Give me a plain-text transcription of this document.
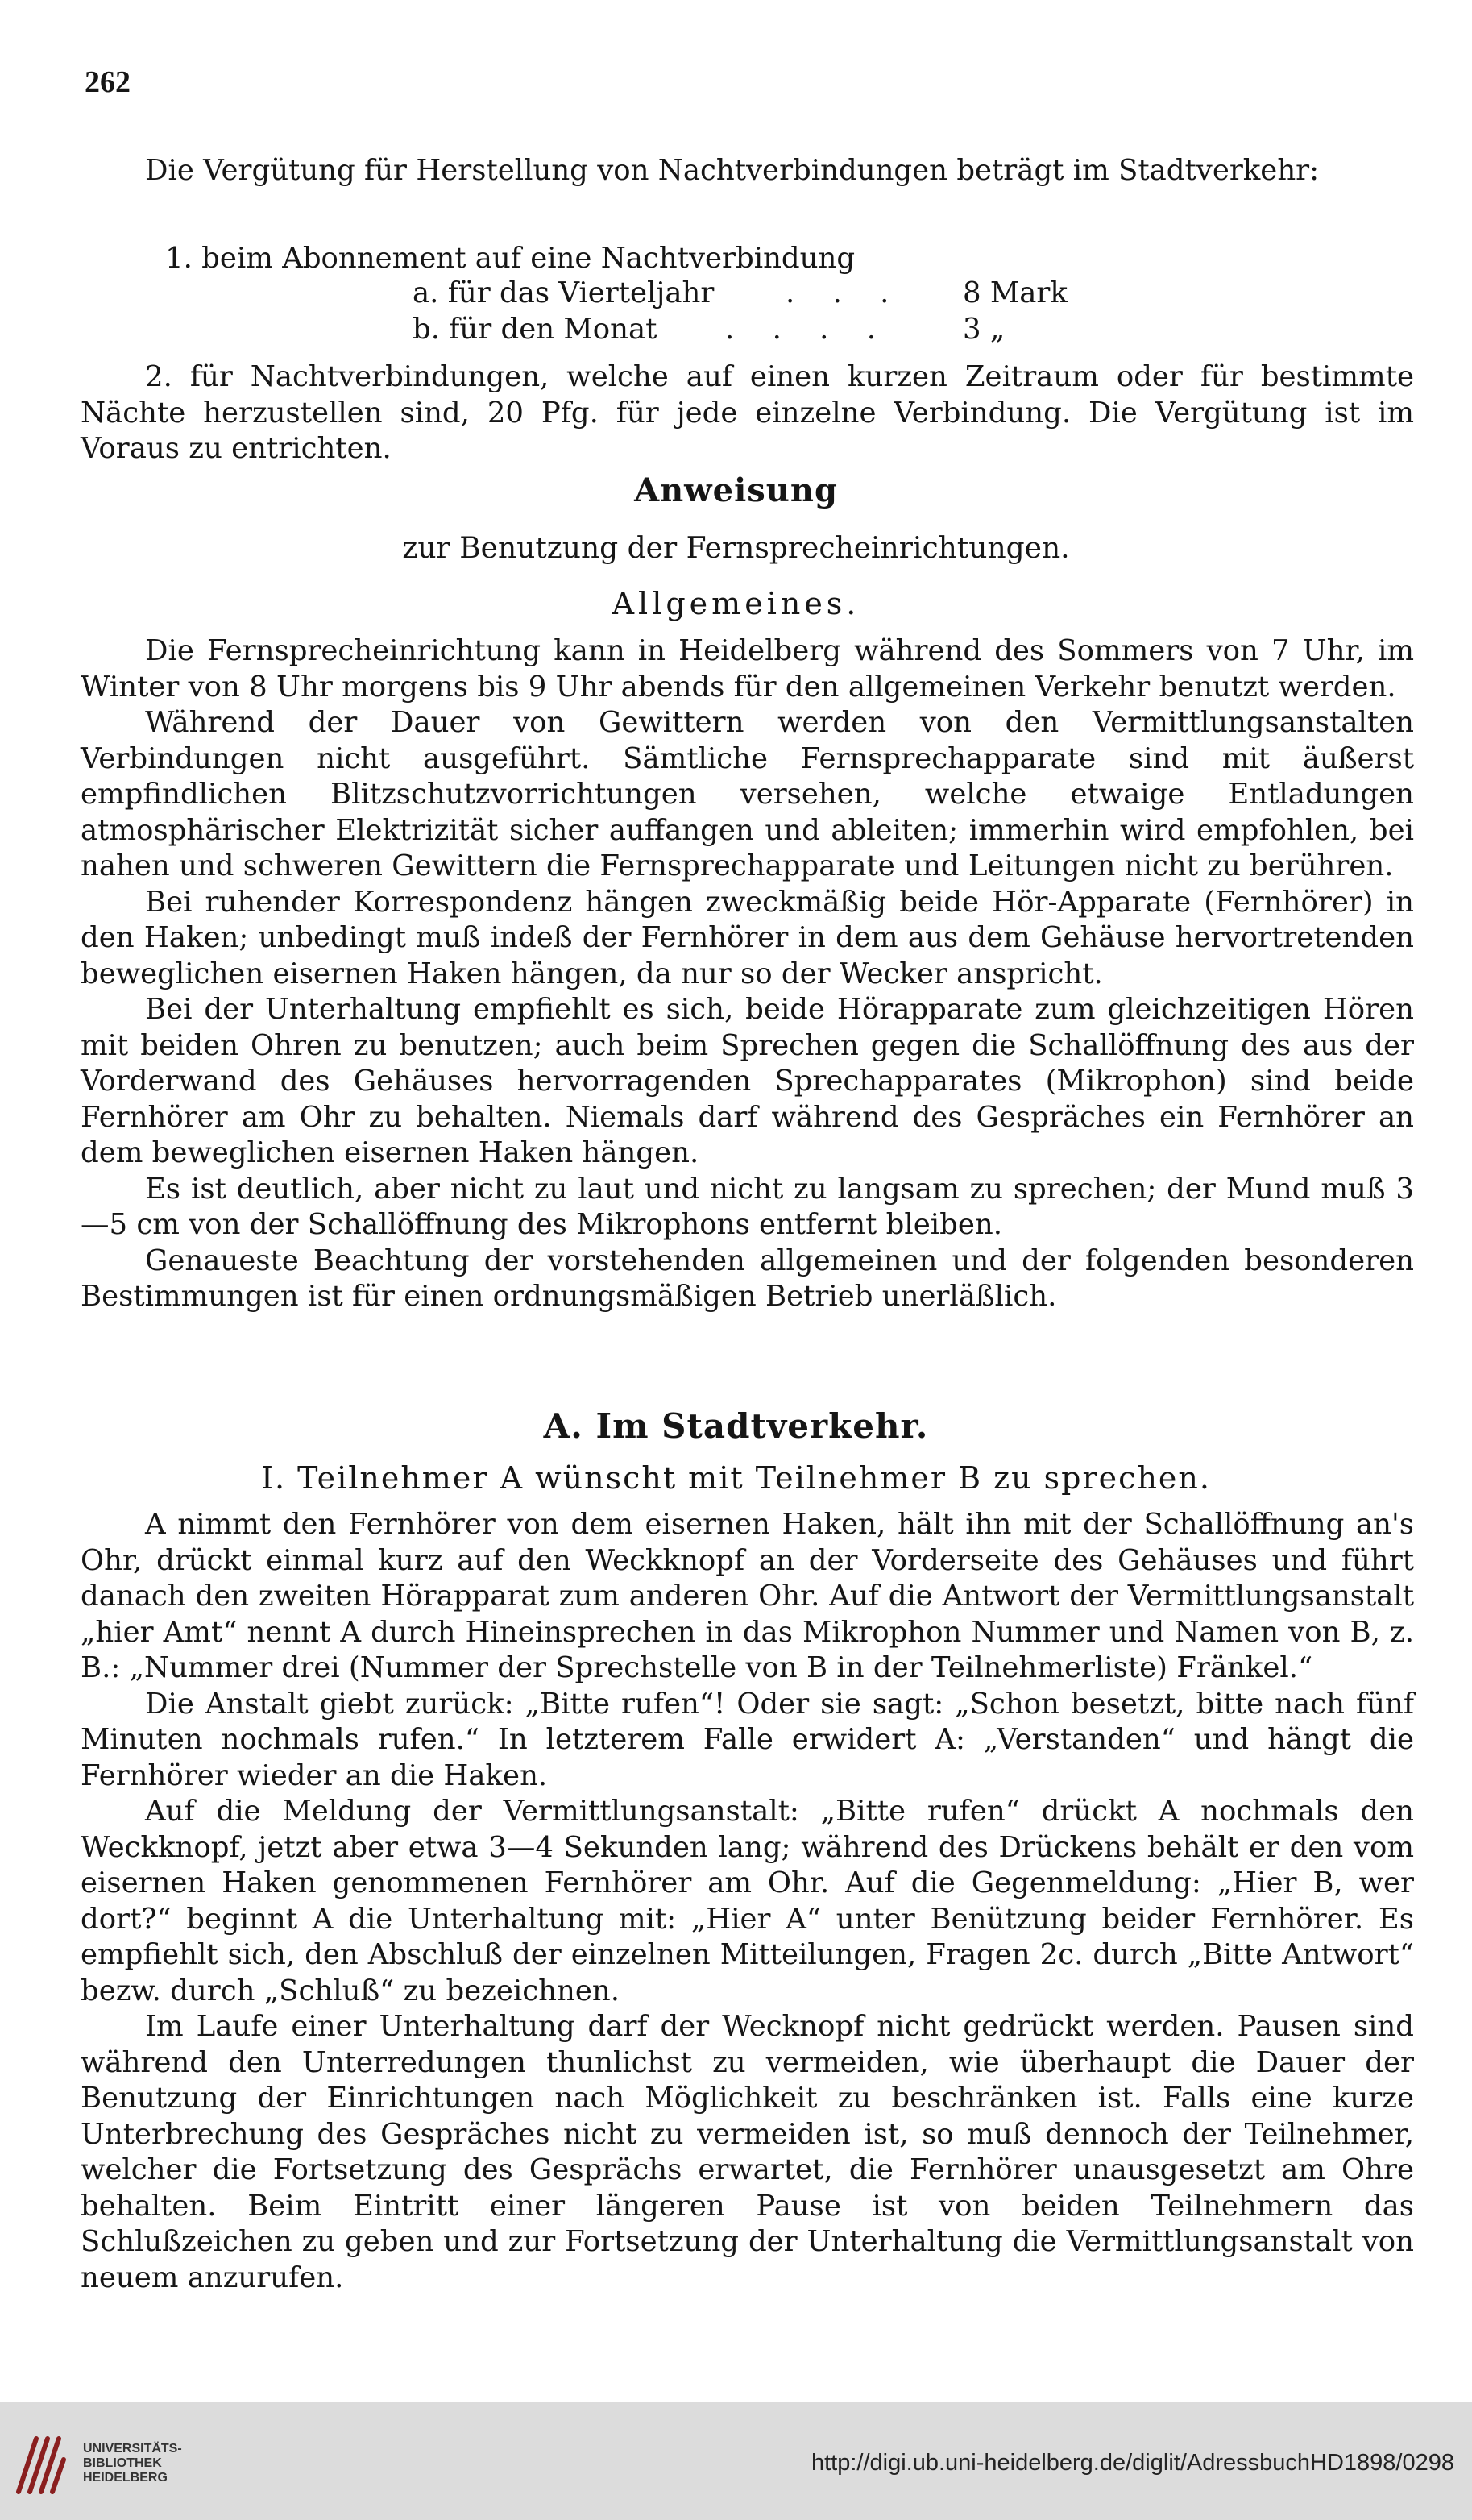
262

Die Vergütung für Herstellung von Nachtverbindungen beträgt im Stadtverkehr:

1. beim Abonnement auf eine Nachtverbindung
a. für das Vierteljahr . . . 8 Mark
b. für den Monat . . . .	3 „

2. für Nachtverbindungen, welche auf einen kurzen Zeitraum oder für bestimmte Nächte herzustellen sind, 20 Pfg. für jede einzelne Verbindung. Die Vergütung ist im Voraus zu entrichten.

Anweisung
zur Benutzung der Fernsprecheinrichtungen.
Allgemeines.

Die Fernsprecheinrichtung kann in Heidelberg während des Sommers von 7 Uhr, im Winter von 8 Uhr morgens bis 9 Uhr abends für den allgemeinen Verkehr benutzt werden.

Während der Dauer von Gewittern werden von den Vermittlungsanstalten Verbindungen nicht ausgeführt. Sämtliche Fernsprechapparate sind mit äußerst empfindlichen Blitzschutzvorrichtungen versehen, welche etwaige Entladungen atmosphärischer Elektrizität sicher auffangen und ableiten; immerhin wird empfohlen, bei nahen und schweren Gewittern die Fernsprechapparate und Leitungen nicht zu berühren.

Bei ruhender Korrespondenz hängen zweckmäßig beide Hör-Apparate (Fernhörer) in den Haken; unbedingt muß indeß der Fernhörer in dem aus dem Gehäuse hervortretenden beweglichen eisernen Haken hängen, da nur so der Wecker anspricht.

Bei der Unterhaltung empfiehlt es sich, beide Hörapparate zum gleichzeitigen Hören mit beiden Ohren zu benutzen; auch beim Sprechen gegen die Schallöffnung des aus der Vorderwand des Gehäuses hervorragenden Sprechapparates (Mikrophon) sind beide Fernhörer am Ohr zu behalten. Niemals darf während des Gespräches ein Fernhörer an dem beweglichen eisernen Haken hängen.

Es ist deutlich, aber nicht zu laut und nicht zu langsam zu sprechen; der Mund muß 3—5 cm von der Schallöffnung des Mikrophons entfernt bleiben.

Genaueste Beachtung der vorstehenden allgemeinen und der folgenden besonderen Bestimmungen ist für einen ordnungsmäßigen Betrieb unerläßlich.

A. Im Stadtverkehr.
I. Teilnehmer A wünscht mit Teilnehmer B zu sprechen.

A nimmt den Fernhörer von dem eisernen Haken, hält ihn mit der Schallöffnung an's Ohr, drückt einmal kurz auf den Weckknopf an der Vorderseite des Gehäuses und führt danach den zweiten Hörapparat zum anderen Ohr. Auf die Antwort der Vermittlungsanstalt „hier Amt“ nennt A durch Hineinsprechen in das Mikrophon Nummer und Namen von B, z. B.: „Nummer drei (Nummer der Sprechstelle von B in der Teilnehmerliste) Fränkel.“

Die Anstalt giebt zurück: „Bitte rufen“! Oder sie sagt: „Schon besetzt, bitte nach fünf Minuten nochmals rufen.“ In letzterem Falle erwidert A: „Verstanden“ und hängt die Fernhörer wieder an die Haken.

Auf die Meldung der Vermittlungsanstalt: „Bitte rufen“ drückt A nochmals den Weckknopf, jetzt aber etwa 3—4 Sekunden lang; während des Drückens behält er den vom eisernen Haken genommenen Fernhörer am Ohr. Auf die Gegenmeldung: „Hier B, wer dort?“ beginnt A die Unterhaltung mit: „Hier A“ unter Benützung beider Fernhörer. Es empfiehlt sich, den Abschluß der einzelnen Mitteilungen, Fragen 2c. durch „Bitte Antwort“ bezw. durch „Schluß“ zu bezeichnen.

Im Laufe einer Unterhaltung darf der Wecknopf nicht gedrückt werden. Pausen sind während den Unterredungen thunlichst zu vermeiden, wie überhaupt die Dauer der Benutzung der Einrichtungen nach Möglichkeit zu beschränken ist. Falls eine kurze Unterbrechung des Gespräches nicht zu vermeiden ist, so muß dennoch der Teilnehmer, welcher die Fortsetzung des Gesprächs erwartet, die Fernhörer unausgesetzt am Ohre behalten. Beim Eintritt einer längeren Pause ist von beiden Teilnehmern das Schlußzeichen zu geben und zur Fortsetzung der Unterhaltung die Vermittlungsanstalt von neuem anzurufen.

UNIVERSITÄTS-
BIBLIOTHEK
HEIDELBERG
http://digi.ub.uni-heidelberg.de/diglit/AdressbuchHD1898/0298
